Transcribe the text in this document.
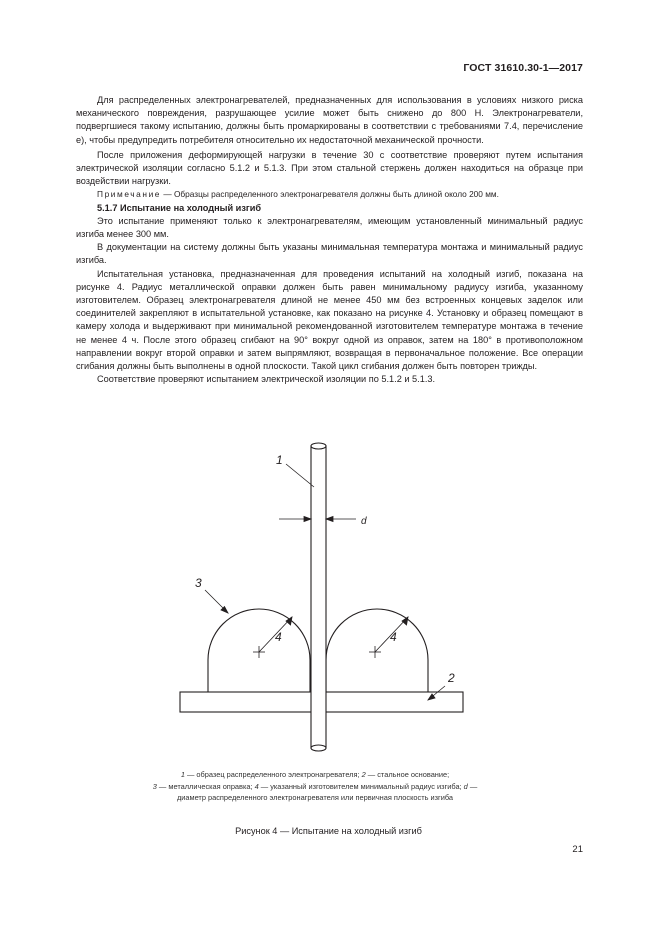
ГОСТ 31610.30-1—2017

Для распределенных электронагревателей, предназначенных для использования в условиях низкого риска механического повреждения, разрушающее усилие может быть снижено до 800 Н. Электронагреватели, подвергшиеся такому испытанию, должны быть промаркированы в соответствии с требованиями 7.4, перечисление е), чтобы предупредить потребителя относительно их недостаточной механической прочности.

После приложения деформирующей нагрузки в течение 30 с соответствие проверяют путем испытания электрической изоляции согласно 5.1.2 и 5.1.3. При этом стальной стержень должен находиться на образце при воздействии нагрузки.

Примечание — Образцы распределенного электронагревателя должны быть длиной около 200 мм.

5.1.7 Испытание на холодный изгиб

Это испытание применяют только к электронагревателям, имеющим установленный минимальный радиус изгиба менее 300 мм.

В документации на систему должны быть указаны минимальная температура монтажа и минимальный радиус изгиба.

Испытательная установка, предназначенная для проведения испытаний на холодный изгиб, показана на рисунке 4. Радиус металлической оправки должен быть равен минимальному радиусу изгиба, указанному изготовителем. Образец электронагревателя длиной не менее 450 мм без встроенных концевых заделок или соединителей закрепляют в испытательной установке, как показано на рисунке 4. Установку и образец помещают в камеру холода и выдерживают при минимальной рекомендованной изготовителем температуре монтажа в течение не менее 4 ч. После этого образец сгибают на 90° вокруг одной из оправок, затем на 180° в противоположном направлении вокруг второй оправки и затем выпрямляют, возвращая в первоначальное положение. Все операции сгибания должны быть выполнены в одной плоскости. Такой цикл сгибания должен быть повторен трижды.

Соответствие проверяют испытанием электрической изоляции по 5.1.2 и 5.1.3.

1
d
3
4	4
2
1 — образец распределенного электронагревателя; 2 — стальное основание;
3 — металлическая оправка; 4 — указанный изготовителем минимальный радиус изгиба; d — диаметр распределенного электронагревателя или первичная плоскость изгиба
Рисунок 4 — Испытание на холодный изгиб
21
